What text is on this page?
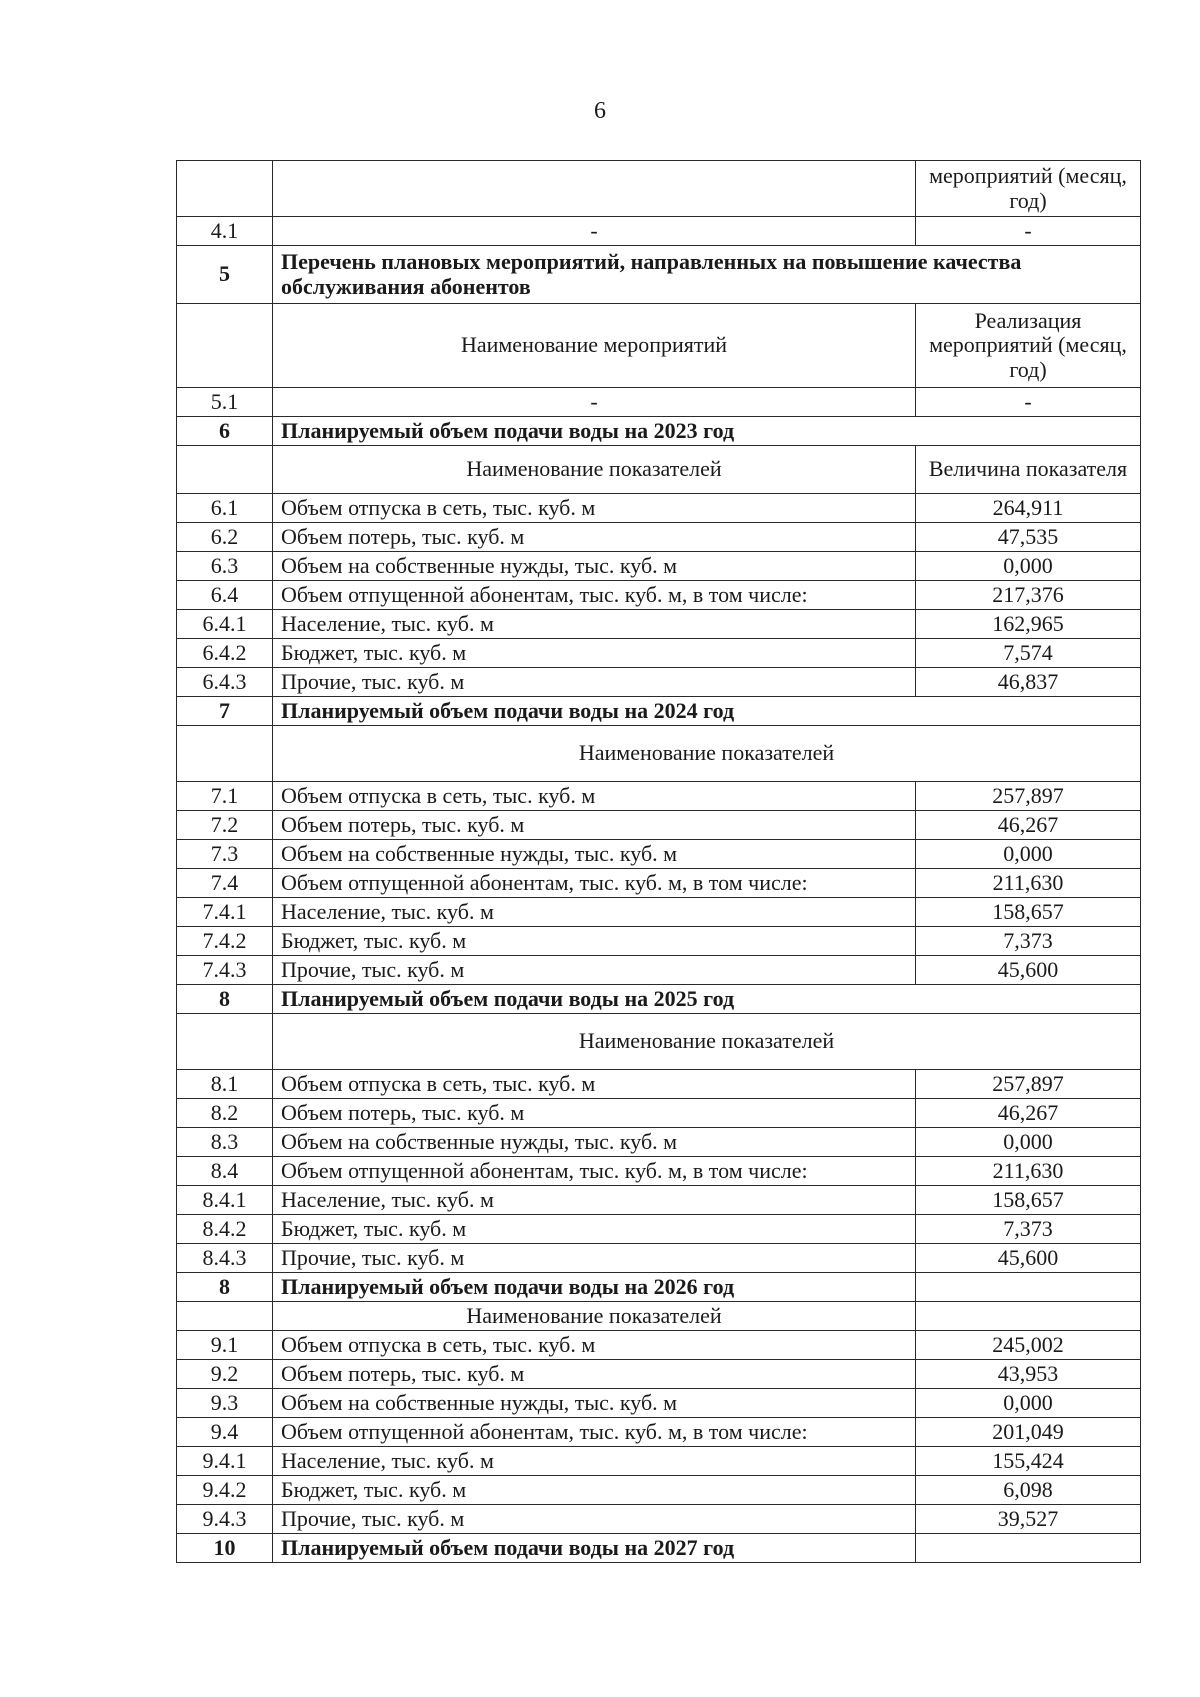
6
		мероприятий (месяц, год)
4.1	-	-
5	Перечень плановых мероприятий, направленных на повышение качества обслуживания абонентов	
	Наименование мероприятий	Реализация мероприятий (месяц, год)
5.1	-	-
6	Планируемый объем подачи воды на 2023 год	
	Наименование показателей	Величина показателя
6.1	Объем отпуска в сеть, тыс. куб. м	264,911
6.2	Объем потерь, тыс. куб. м	47,535
6.3	Объем на собственные нужды, тыс. куб. м	0,000
6.4	Объем отпущенной абонентам, тыс. куб. м, в том числе:	217,376
6.4.1	Население, тыс. куб. м	162,965
6.4.2	Бюджет, тыс. куб. м	7,574
6.4.3	Прочие, тыс. куб. м	46,837
7	Планируемый объем подачи воды на 2024 год	
	Наименование показателей	
7.1	Объем отпуска в сеть, тыс. куб. м	257,897
7.2	Объем потерь, тыс. куб. м	46,267
7.3	Объем на собственные нужды, тыс. куб. м	0,000
7.4	Объем отпущенной абонентам, тыс. куб. м, в том числе:	211,630
7.4.1	Население, тыс. куб. м	158,657
7.4.2	Бюджет, тыс. куб. м	7,373
7.4.3	Прочие, тыс. куб. м	45,600
8	Планируемый объем подачи воды на 2025 год	
	Наименование показателей	
8.1	Объем отпуска в сеть, тыс. куб. м	257,897
8.2	Объем потерь, тыс. куб. м	46,267
8.3	Объем на собственные нужды, тыс. куб. м	0,000
8.4	Объем отпущенной абонентам, тыс. куб. м, в том числе:	211,630
8.4.1	Население, тыс. куб. м	158,657
8.4.2	Бюджет, тыс. куб. м	7,373
8.4.3	Прочие, тыс. куб. м	45,600
8	Планируемый объем подачи воды на 2026 год	
	Наименование показателей	
9.1	Объем отпуска в сеть, тыс. куб. м	245,002
9.2	Объем потерь, тыс. куб. м	43,953
9.3	Объем на собственные нужды, тыс. куб. м	0,000
9.4	Объем отпущенной абонентам, тыс. куб. м, в том числе:	201,049
9.4.1	Население, тыс. куб. м	155,424
9.4.2	Бюджет, тыс. куб. м	6,098
9.4.3	Прочие, тыс. куб. м	39,527
10	Планируемый объем подачи воды на 2027 год	
